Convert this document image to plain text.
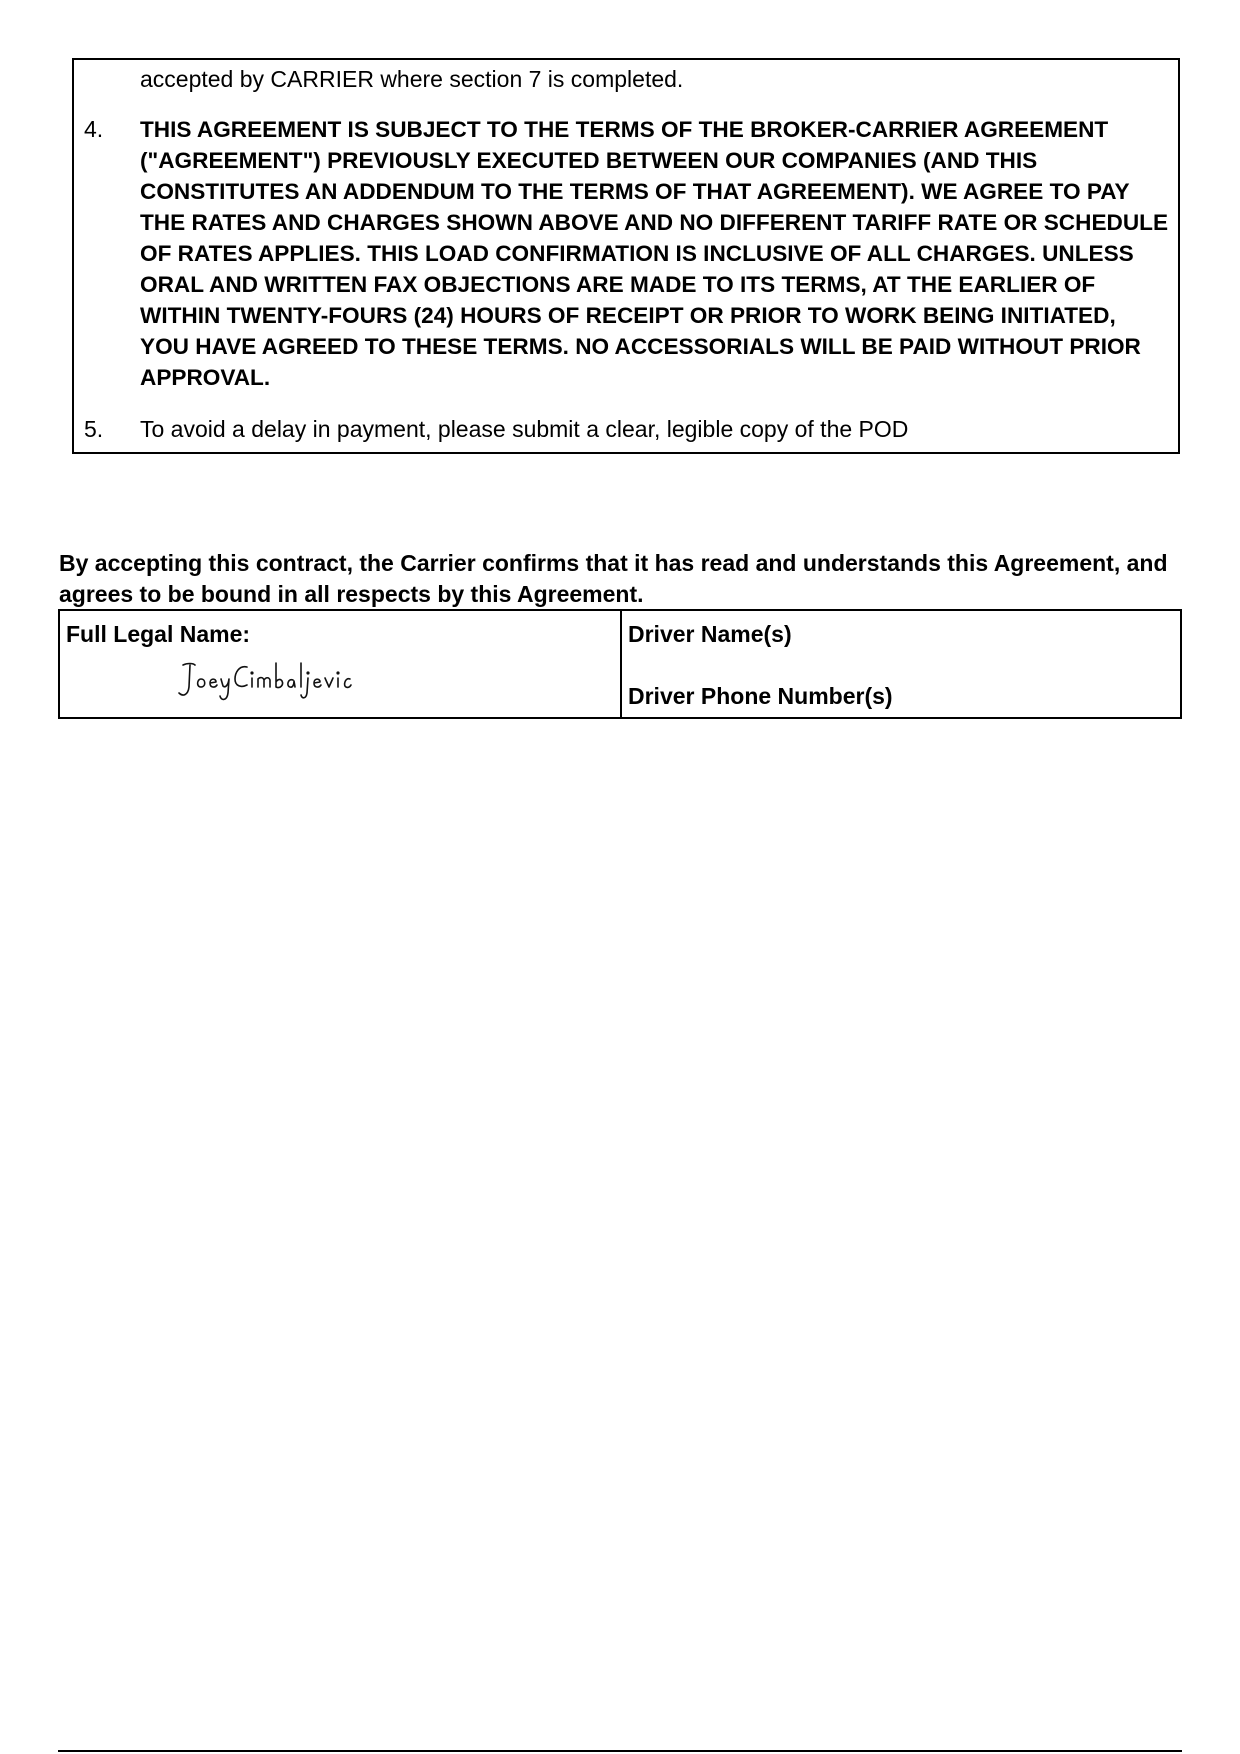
accepted by CARRIER where section 7 is completed.
4.	THIS AGREEMENT IS SUBJECT TO THE TERMS OF THE BROKER-CARRIER AGREEMENT ("AGREEMENT") PREVIOUSLY EXECUTED BETWEEN OUR COMPANIES (AND THIS CONSTITUTES AN ADDENDUM TO THE TERMS OF THAT AGREEMENT). WE AGREE TO PAY THE RATES AND CHARGES SHOWN ABOVE AND NO DIFFERENT TARIFF RATE OR SCHEDULE OF RATES APPLIES. THIS LOAD CONFIRMATION IS INCLUSIVE OF ALL CHARGES. UNLESS ORAL AND WRITTEN FAX OBJECTIONS ARE MADE TO ITS TERMS, AT THE EARLIER OF WITHIN TWENTY-FOURS (24) HOURS OF RECEIPT OR PRIOR TO WORK BEING INITIATED, YOU HAVE AGREED TO THESE TERMS. NO ACCESSORIALS WILL BE PAID WITHOUT PRIOR APPROVAL.
5.	To avoid a delay in payment, please submit a clear, legible copy of the POD
By accepting this contract, the Carrier confirms that it has read and understands this Agreement, and agrees to be bound in all respects by this Agreement.
Full Legal Name:	Driver Name(s)
Driver Phone Number(s)
